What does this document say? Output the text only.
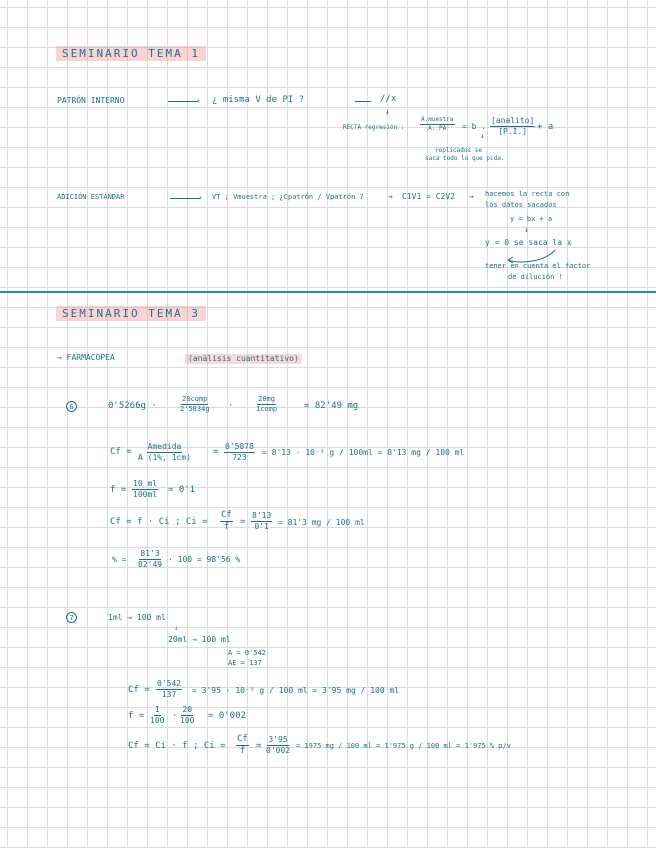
SEMINARIO TEMA 1
PATRÓN INTERNO	› ¿ misma V de PI ?	//x
↓
RECTA regresión :
Á.muestra
Á. PA = b .
[analito]
[P.I.] + a
↓
replicados se
saca todo lo que pida.
ADICIÓN ESTÁNDAR	› VT ; Vmuestra ; ¿Cpatrón / Vpatrón ?	→ C1V1 = C2V2 → hacemos la recta con
los datos sacados
y = bx + a
↓
y = 0 se saca la x
tener en cuenta el factor
de dilución !
SEMINARIO TEMA 3
→ FARMACOPEA	(análisis cuantitativo)
6	0'5266g ·
20comp
2'5834g ·
20mg
1comp	= 82'49 mg
Cf =
Amedida
A (1%, 1cm)
= $\frac{0'5878}{723} = 8'13 \cdot 10^{-3}$ g / 100ml = 8'13 mg / 100 ml
$f = \frac{10 ml}{100ml} = 0'1$
Cf = f · Ci ; $Ci = \frac{Cf}{f} = \frac{8'13}{0'1} = 81'3$ mg / 100 ml
% = $\frac{81'3}{82'49} \cdot 100 = 98'56$ %
7	1ml → 100 ml
↓
20ml → 100 ml
A = 0'542
AE = 137
$Cf = \frac{0'542}{137} = 3'95 \cdot 10^{-3}$ g / 100 ml = 3'95 mg / 100 ml
$f = \frac{1}{100} \cdot \frac{20}{100} = 0'002$
Cf = Ci · f ; $Ci = \frac{Cf}{f} = \frac{3'95}{0'002} = 1975$ mg / 100 ml = 1'975 g / 100 ml = 1'975 % p/v
